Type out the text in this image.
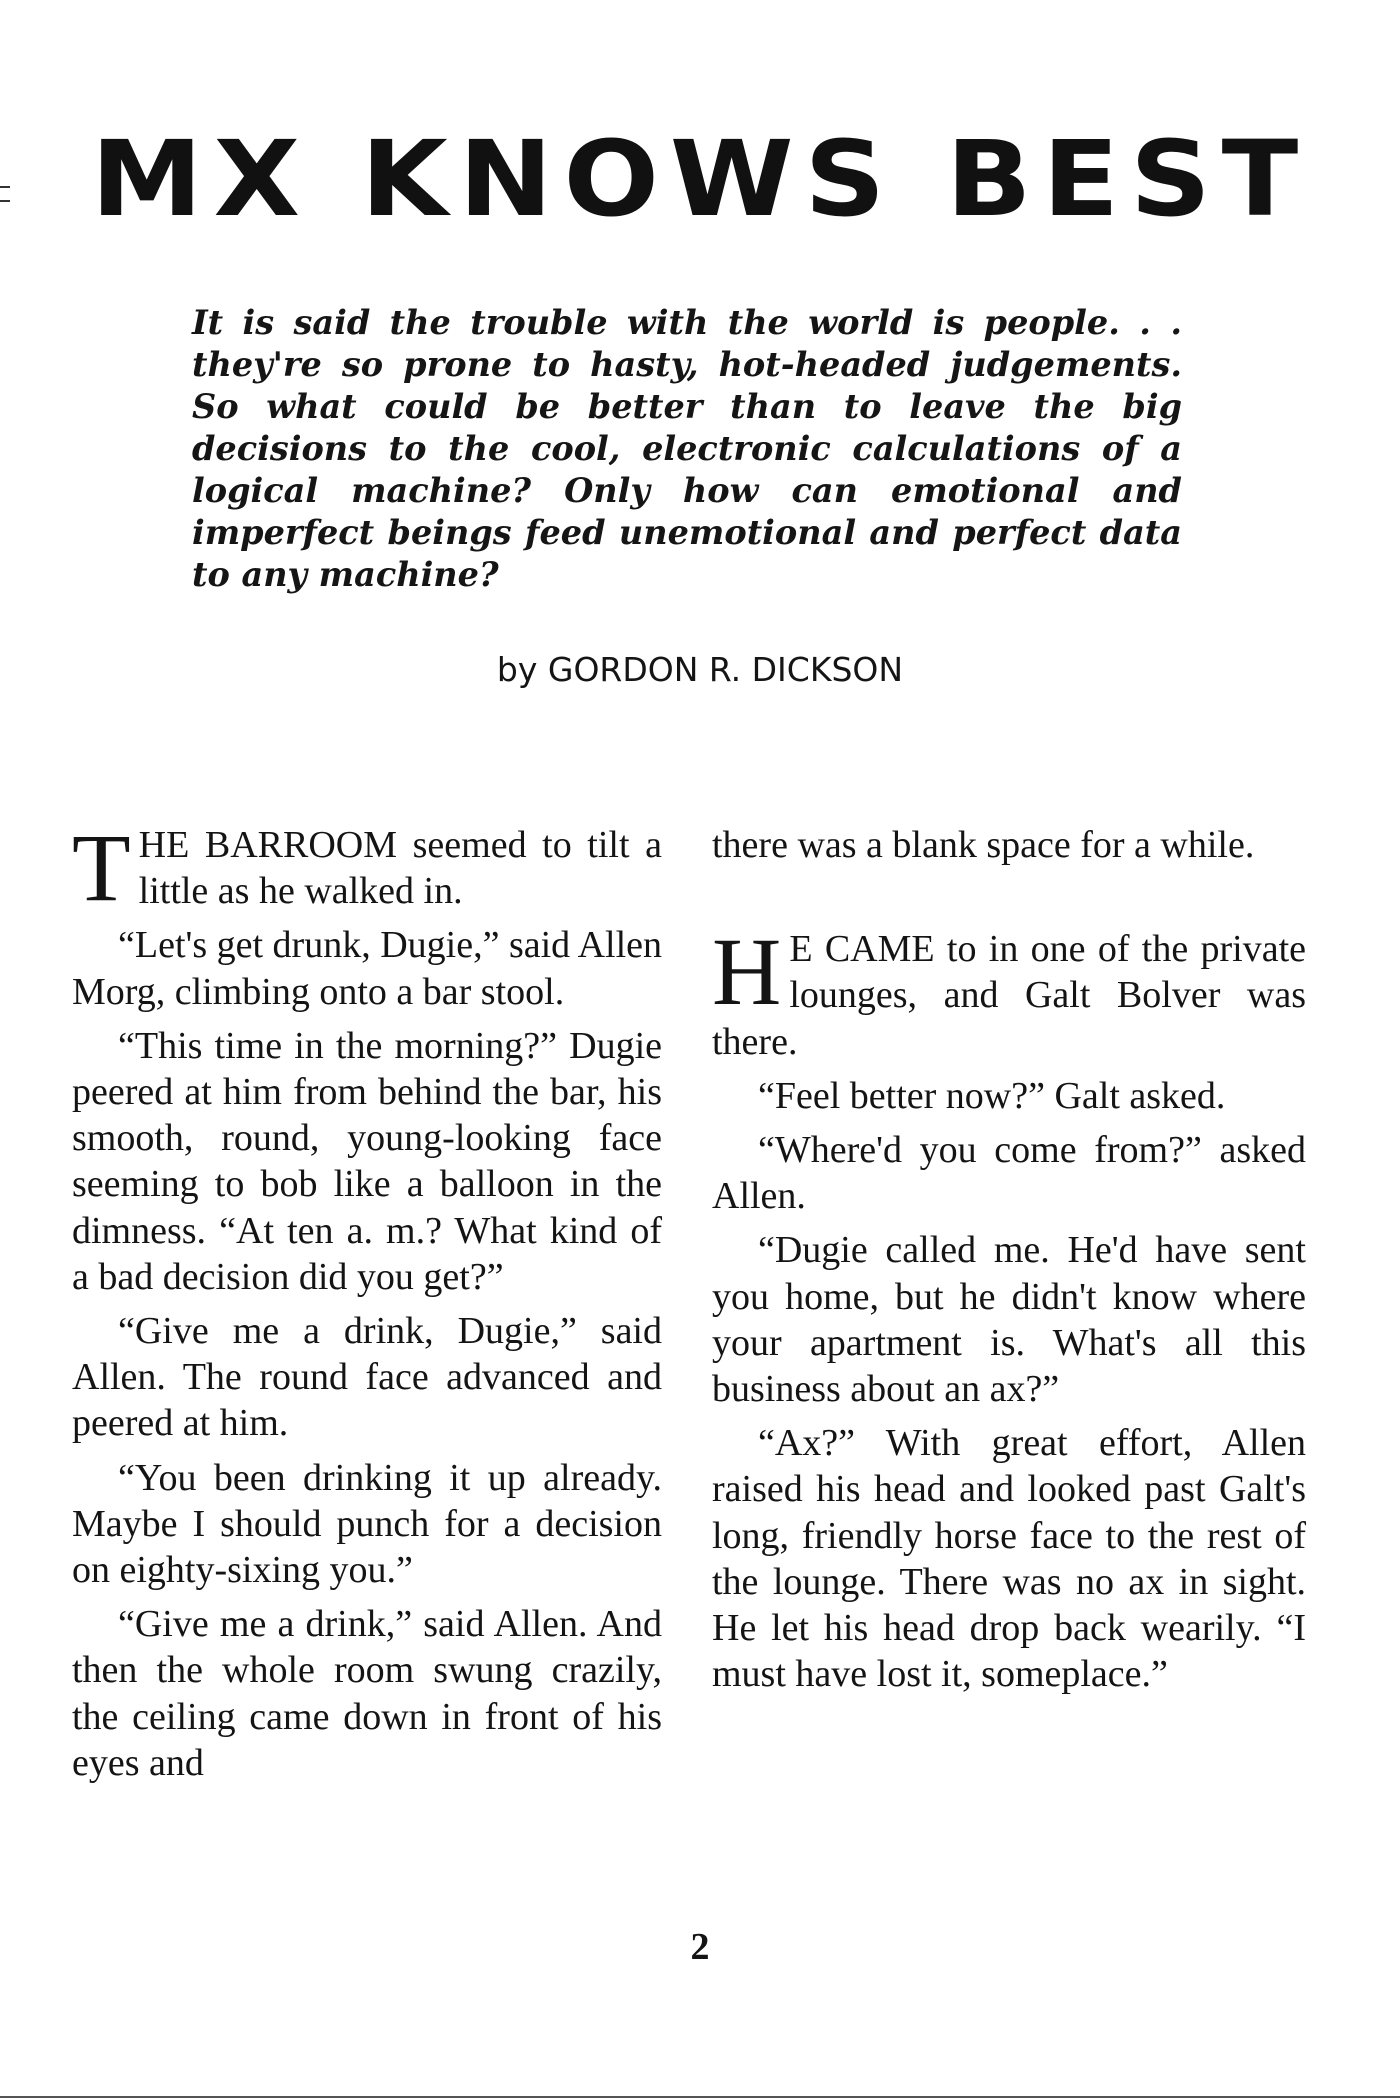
MX KNOWS BEST
It is said the trouble with the world is people. . . they're so prone to hasty, hot-headed judgements. So what could be better than to leave the big decisions to the cool, electronic calculations of a logical machine? Only how can emotional and imperfect beings feed unemotional and perfect data to any machine?
by GORDON R. DICKSON

THE BARROOM seemed to tilt a little as he walked in.

“Let's get drunk, Dugie,” said Allen Morg, climbing onto a bar stool.

“This time in the morning?” Dugie peered at him from behind the bar, his smooth, round, young-looking face seeming to bob like a balloon in the dimness. “At ten a. m.? What kind of a bad decision did you get?”

“Give me a drink, Dugie,” said Allen. The round face advanced and peered at him.

“You been drinking it up already. Maybe I should punch for a decision on eighty-sixing you.”

“Give me a drink,” said Allen. And then the whole room swung crazily, the ceiling came down in front of his eyes and

there was a blank space for a while.

H E CAME to in one of the private lounges, and Galt Bolver was there.

“Feel better now?” Galt asked.

“Where'd you come from?” asked Allen.

“Dugie called me. He'd have sent you home, but he didn't know where your apartment is. What's all this business about an ax?”

“Ax?” With great effort, Allen raised his head and looked past Galt's long, friendly horse face to the rest of the lounge. There was no ax in sight. He let his head drop back wearily. “I must have lost it, someplace.”

2
